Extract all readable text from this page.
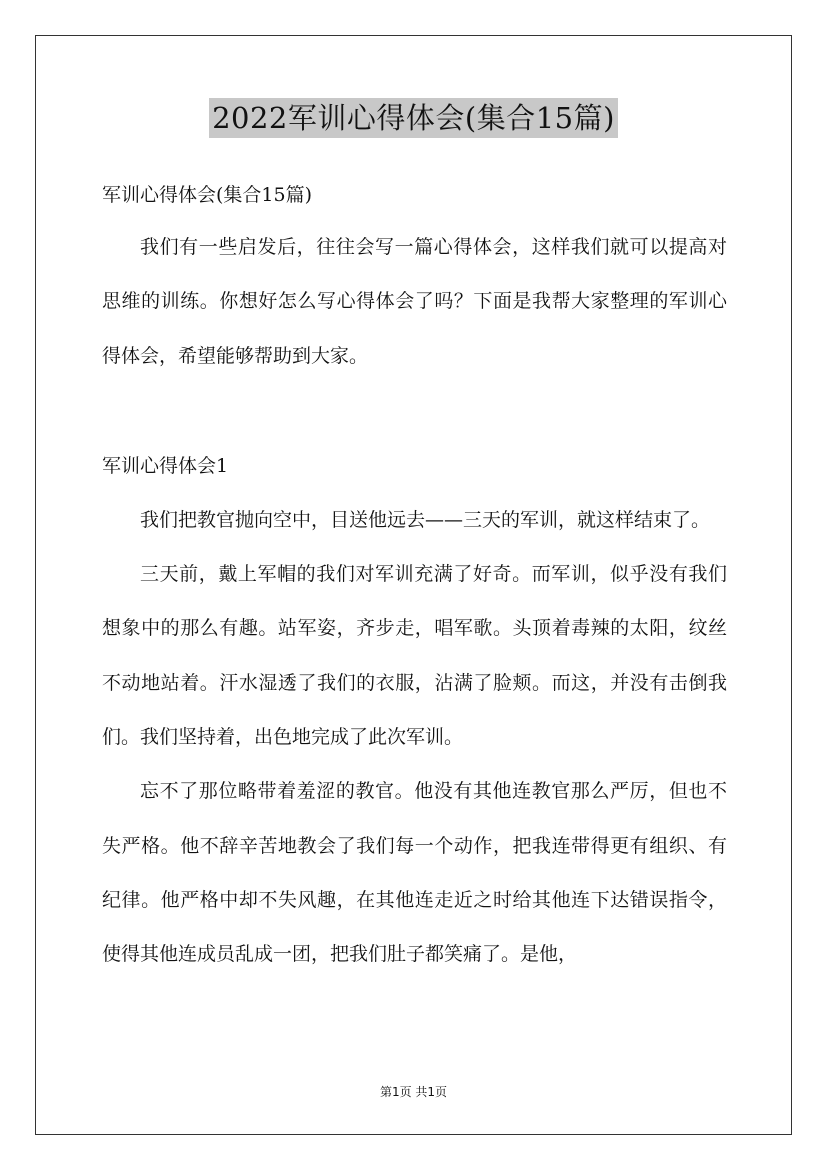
2022军训心得体会(集合15篇)
军训心得体会(集合15篇)

我们有一些启发后，往往会写一篇心得体会，这样我们就可以提高对思维的训练。你想好怎么写心得体会了吗？下面是我帮大家整理的军训心得体会，希望能够帮助到大家。

军训心得体会1

我们把教官抛向空中，目送他远去——三天的军训，就这样结束了。

三天前，戴上军帽的我们对军训充满了好奇。而军训，似乎没有我们想象中的那么有趣。站军姿，齐步走，唱军歌。头顶着毒辣的太阳，纹丝不动地站着。汗水湿透了我们的衣服，沾满了脸颊。而这，并没有击倒我们。我们坚持着，出色地完成了此次军训。

忘不了那位略带着羞涩的教官。他没有其他连教官那么严厉，但也不失严格。他不辞辛苦地教会了我们每一个动作，把我连带得更有组织、有纪律。他严格中却不失风趣，在其他连走近之时给其他连下达错误指令，使得其他连成员乱成一团，把我们肚子都笑痛了。是他，

第1页 共1页
